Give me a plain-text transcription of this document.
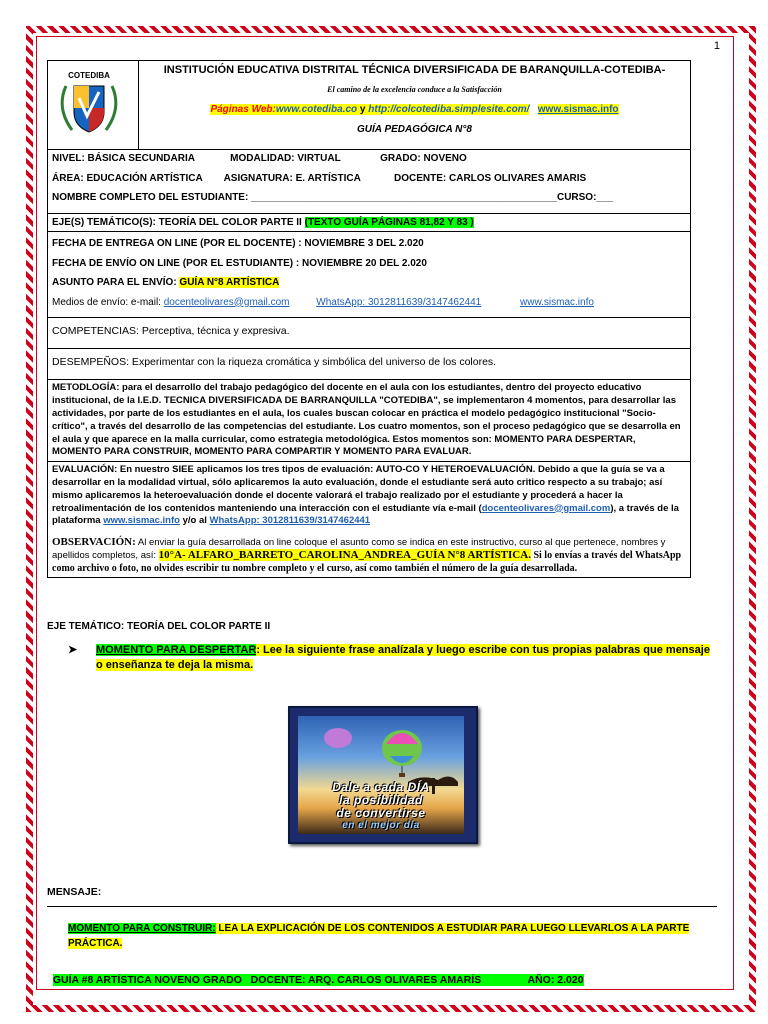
1
COTEDIBA	INSTITUCIÓN EDUCATIVA DISTRITAL TÉCNICA DIVERSIFICADA DE BARANQUILLA-COTEDIBA-
El camino de la excelencia conduce a la Satisfacción
Páginas Web:www.cotediba.co y http://colcotediba.simplesite.com/ www.sismac.info
GUÍA PEDAGÓGICA N°8
NIVEL: BÁSICA SECUNDARIA	MODALIDAD: VIRTUAL	GRADO: NOVENO
ÁREA: EDUCACIÓN ARTÍSTICA ASIGNATURA: E. ARTÍSTICA	DOCENTE: CARLOS OLIVARES AMARIS
NOMBRE COMPLETO DEL ESTUDIANTE: _______________________________________________________CURSO:___

EJE(S) TEMÁTICO(S): TEORÍA DEL COLOR PARTE II (TEXTO GUÍA PÁGINAS 81,82 Y 83 )

FECHA DE ENTREGA ON LINE (POR EL DOCENTE) : NOVIEMBRE 3 DEL 2.020
FECHA DE ENVÍO ON LINE (POR EL ESTUDIANTE) : NOVIEMBRE 20 DEL 2.020
ASUNTO PARA EL ENVÍO: GUÍA N°8 ARTÍSTICA
Medios de envío: e-mail: docenteolivares@gmail.com	WhatsApp: 3012811639/3147462441	www.sismac.info

COMPETENCIAS: Perceptiva, técnica y expresiva.
DESEMPEÑOS: Experimentar con la riqueza cromática y simbólica del universo de los colores.
METODLOGÍA: para el desarrollo del trabajo pedagógico del docente en el aula con los estudiantes, dentro del proyecto educativo institucional, de la I.E.D. TECNICA DIVERSIFICADA DE BARRANQUILLA "COTEDIBA", se implementaron 4 momentos, para desarrollar las actividades, por parte de los estudiantes en el aula, los cuales buscan colocar en práctica el modelo pedagógico institucional "Socio-crítico", a través del desarrollo de las competencias del estudiante. Los cuatro momentos, son el proceso pedagógico que se desarrolla en el aula y que aparece en la malla curricular, como estrategia metodológica. Estos momentos son: MOMENTO PARA DESPERTAR, MOMENTO PARA CONSTRUIR, MOMENTO PARA COMPARTIR Y MOMENTO PARA EVALUAR.

EVALUACIÓN: En nuestro SIEE aplicamos los tres tipos de evaluación: AUTO-CO Y HETEROEVALUACIÓN. Debido a que la guía se va a desarrollar en la modalidad virtual, sólo aplicaremos la auto evaluación, donde el estudiante será auto critico respecto a su trabajo; así mismo aplicaremos la heteroevaluación donde el docente valorará el trabajo realizado por el estudiante y procederá a hacer la retroalimentación de los contenidos manteniendo una interacción con el estudiante vía e-mail (docenteolivares@gmail.com), a través de la plataforma www.sismac.info y/o al WhatsApp: 3012811639/3147462441
OBSERVACIÓN: Al enviar la guía desarrollada on line coloque el asunto como se indica en este instructivo, curso al que pertenece, nombres y apellidos completos, así: 10°A- ALFARO_BARRETO_CAROLINA_ANDREA_GUÍA N°8 ARTÍSTICA. Si lo envías a través del WhatsApp como archivo o foto, no olvides escribir tu nombre completo y el curso, así como también el número de la guía desarrollada.
EJE TEMÁTICO: TEORÍA DEL COLOR PARTE II
➤ MOMENTO PARA DESPERTAR: Lee la siguiente frase analízala y luego escribe con tus propias palabras que mensaje o enseñanza te deja la misma.
Dale a cada DÍA
la posibilidad
de convertirse
en el mejor día
MENSAJE:
MOMENTO PARA CONSTRUIR: LEA LA EXPLICACIÓN DE LOS CONTENIDOS A ESTUDIAR PARA LUEGO LLEVARLOS A LA PARTE PRÁCTICA.

GUÍA #8 ARTÍSTICA NOVENO GRADO   DOCENTE: ARQ. CARLOS OLIVARES AMARÍS                AÑO: 2.020
